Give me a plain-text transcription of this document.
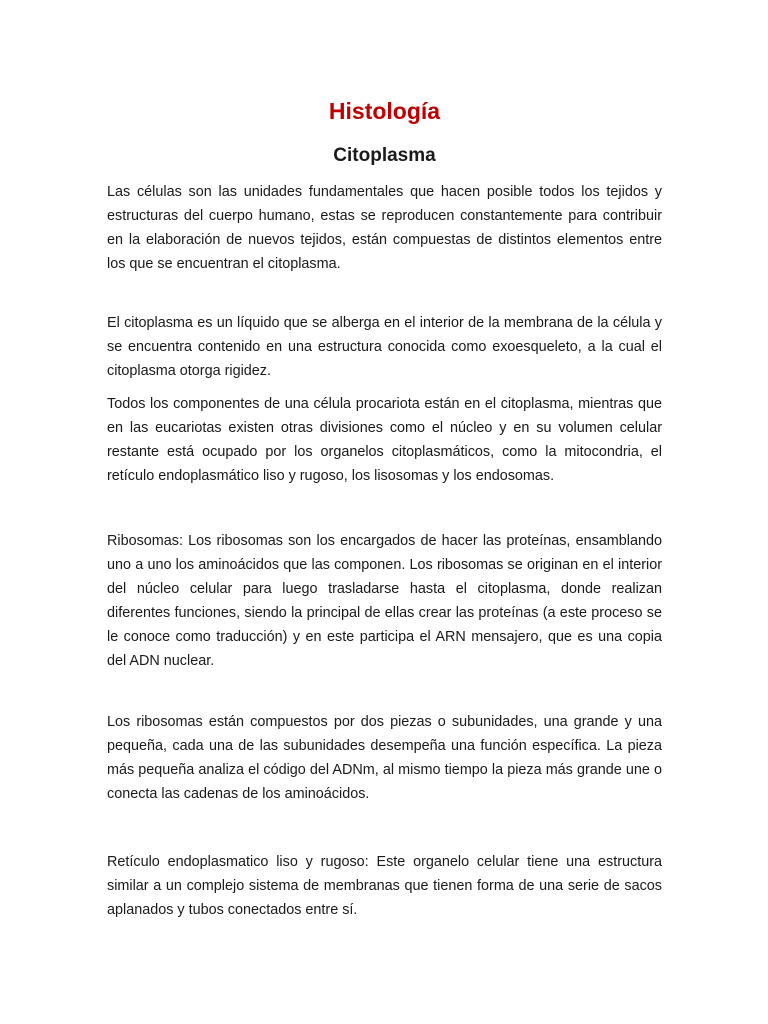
Histología
Citoplasma

Las células son las unidades fundamentales que hacen posible todos los tejidos y estructuras del cuerpo humano, estas se reproducen constantemente para contribuir en la elaboración de nuevos tejidos, están compuestas de distintos elementos entre los que se encuentran el citoplasma.

El citoplasma es un líquido que se alberga en el interior de la membrana de la célula y se encuentra contenido en una estructura conocida como exoesqueleto, a la cual el citoplasma otorga rigidez.

Todos los componentes de una célula procariota están en el citoplasma, mientras que en las eucariotas existen otras divisiones como el núcleo y en su volumen celular restante está ocupado por los organelos citoplasmáticos, como la mitocondria, el retículo endoplasmático liso y rugoso, los lisosomas y los endosomas.

Ribosomas: Los ribosomas son los encargados de hacer las proteínas, ensamblando uno a uno los aminoácidos que las componen. Los ribosomas se originan en el interior del núcleo celular para luego trasladarse hasta el citoplasma, donde realizan diferentes funciones, siendo la principal de ellas crear las proteínas (a este proceso se le conoce como traducción) y en este participa el ARN mensajero, que es una copia del ADN nuclear.

Los ribosomas están compuestos por dos piezas o subunidades, una grande y una pequeña, cada una de las subunidades desempeña una función específica. La pieza más pequeña analiza el código del ADNm, al mismo tiempo la pieza más grande une o conecta las cadenas de los aminoácidos.

Retículo endoplasmatico liso y rugoso: Este organelo celular tiene una estructura similar a un complejo sistema de membranas que tienen forma de una serie de sacos aplanados y tubos conectados entre sí.
